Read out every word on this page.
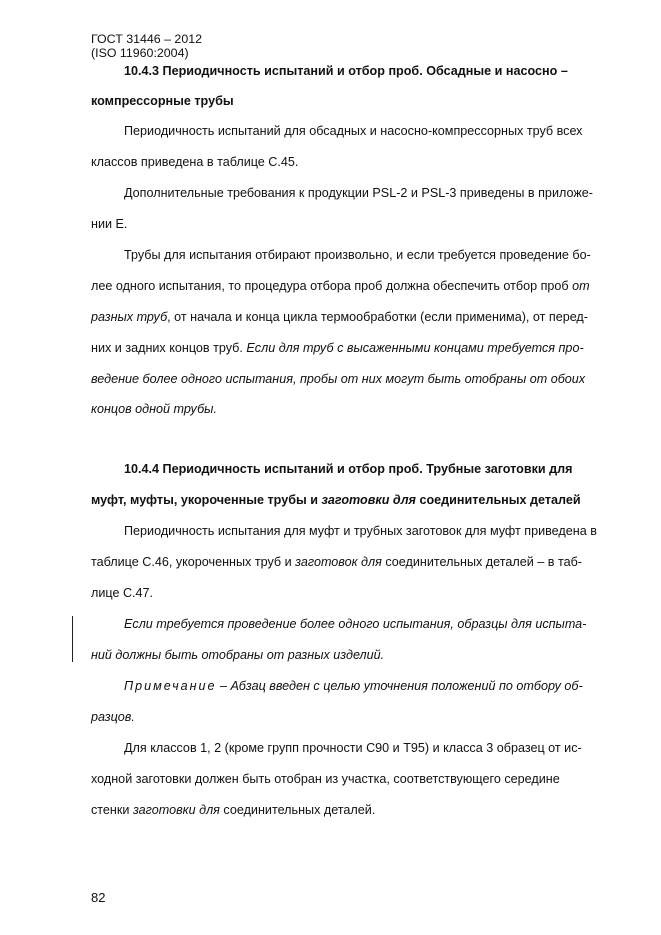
ГОСТ 31446 – 2012
(ISO 11960:2004)
10.4.3 Периодичность испытаний и отбор проб. Обсадные и насосно –
компрессорные трубы
Периодичность испытаний для обсадных и насосно-компрессорных труб всех
классов приведена в таблице С.45.
Дополнительные требования к продукции PSL-2 и PSL-3 приведены в приложе-
нии Е.
Трубы для испытания отбирают произвольно, и если требуется проведение бо-
лее одного испытания, то процедура отбора проб должна обеспечить отбор проб от
разных труб, от начала и конца цикла термообработки (если применима), от перед-
них и задних концов труб. Если для труб с высаженными концами требуется про-
ведение более одного испытания, пробы от них могут быть отобраны от обоих
концов одной трубы.
10.4.4 Периодичность испытаний и отбор проб. Трубные заготовки для
муфт, муфты, укороченные трубы и заготовки для соединительных деталей
Периодичность испытания для муфт и трубных заготовок для муфт приведена в
таблице С.46, укороченных труб и заготовок для соединительных деталей – в таб-
лице С.47.
Если требуется проведение более одного испытания, образцы для испыта-
ний должны быть отобраны от разных изделий.
Примечание – Абзац введен с целью уточнения положений по отбору об-
разцов.
Для классов 1, 2 (кроме групп прочности С90 и Т95) и класса 3 образец от ис-
ходной заготовки должен быть отобран из участка, соответствующего середине
стенки заготовки для соединительных деталей.
82
